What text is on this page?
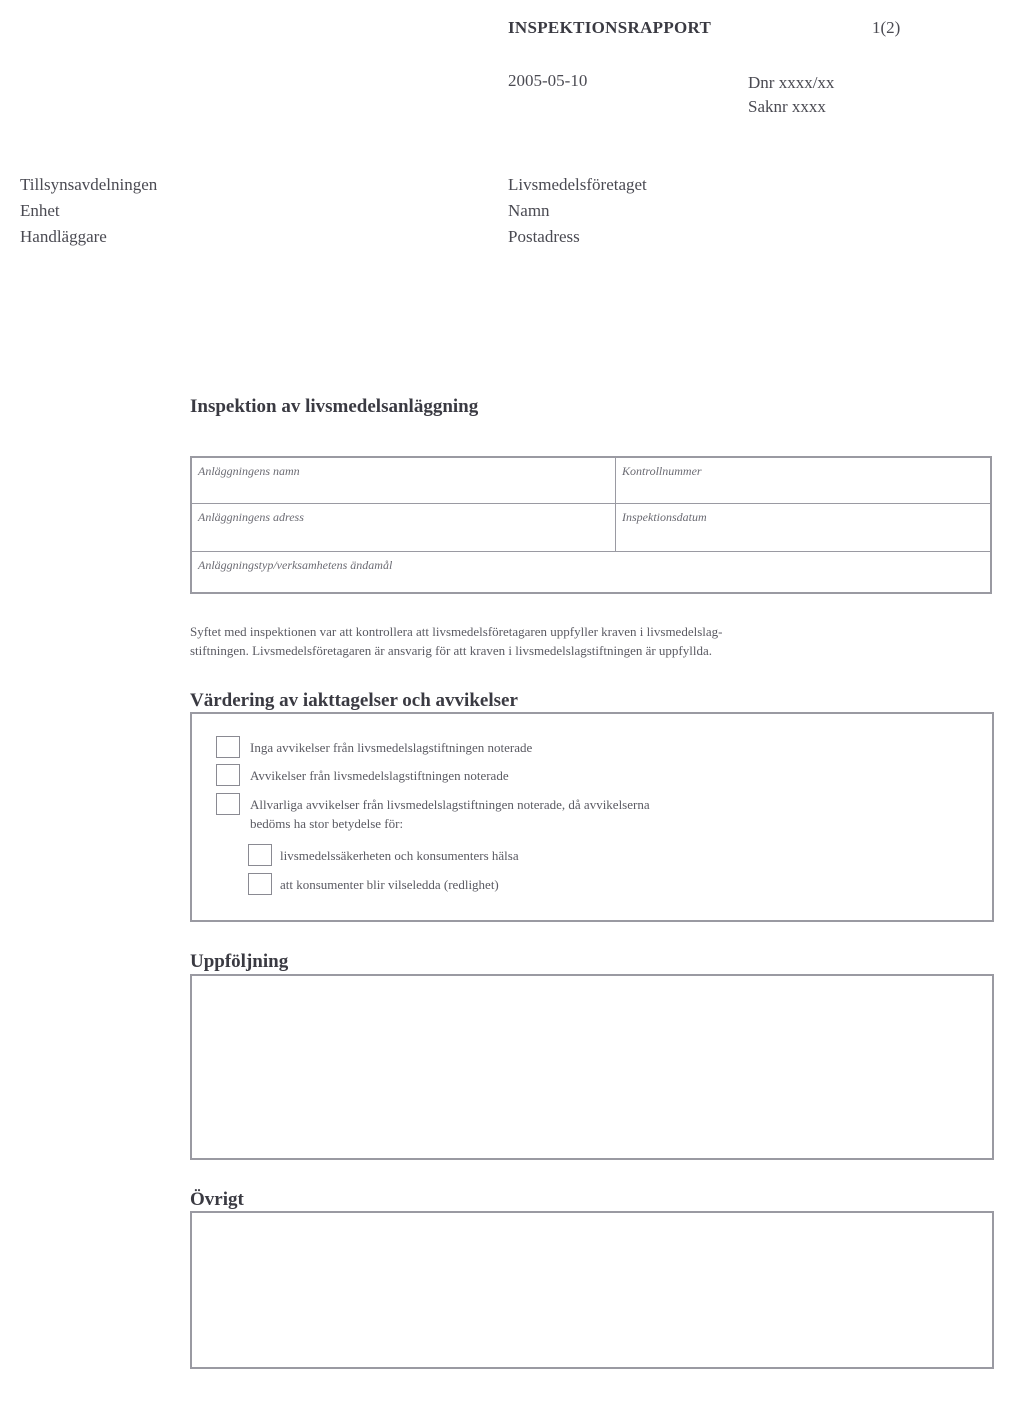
INSPEKTIONSRAPPORT	1(2)
2005-05-10	Dnr xxxx/xx
Saknr xxxx
Tillsynsavdelningen
Enhet
Handläggare
Livsmedelsföretaget
Namn
Postadress
Inspektion av livsmedelsanläggning
Anläggningens namn	Kontrollnummer
Anläggningens adress	Inspektionsdatum
Anläggningstyp/verksamhetens ändamål
Syftet med inspektionen var att kontrollera att livsmedelsföretagaren uppfyller kraven i livsmedelslag-
stiftningen. Livsmedelsföretagaren är ansvarig för att kraven i livsmedelslagstiftningen är uppfyllda.
Värdering av iakttagelser och avvikelser
Inga avvikelser från livsmedelslagstiftningen noterade
Avvikelser från livsmedelslagstiftningen noterade
Allvarliga avvikelser från livsmedelslagstiftningen noterade, då avvikelserna
bedöms ha stor betydelse för:
livsmedelssäkerheten och konsumenters hälsa
att konsumenter blir vilseledda (redlighet)
Uppföljning
Övrigt
